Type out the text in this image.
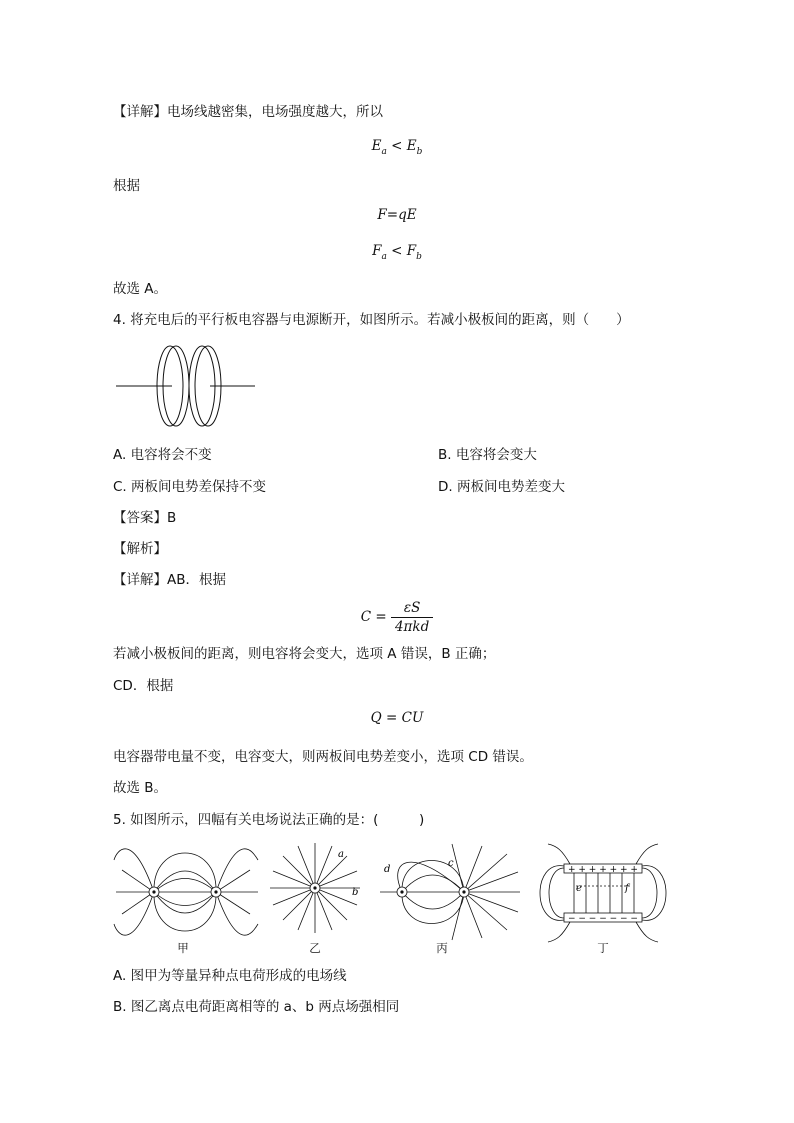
【详解】电场线越密集，电场强度越大，所以
$E_a < E_b$
根据
F=qE
$F_a < F_b$
故选 A。
4. 将充电后的平行板电容器与电源断开，如图所示。若减小极板间的距离，则（　　）
A. 电容将会不变	B. 电容将会变大
C. 两板间电势差保持不变	D. 两板间电势差变大
【答案】B
【解析】
【详解】AB．根据
$C = \frac{\varepsilon S}{\text{4πkd}}$
若减小极板间的距离，则电容将会变大，选项 A 错误，B 正确；
CD．根据
Q = CU
电容器带电量不变，电容变大，则两板间电势差变小，选项 CD 错误。
故选 B。
5. 如图所示，四幅有关电场说法正确的是：(　　　)
a
b
d
c
+ + + + + + +
− − − − − − −
e	f
甲	乙	丙	丁
A. 图甲为等量异种点电荷形成的电场线
B. 图乙离点电荷距离相等的 a、b 两点场强相同
